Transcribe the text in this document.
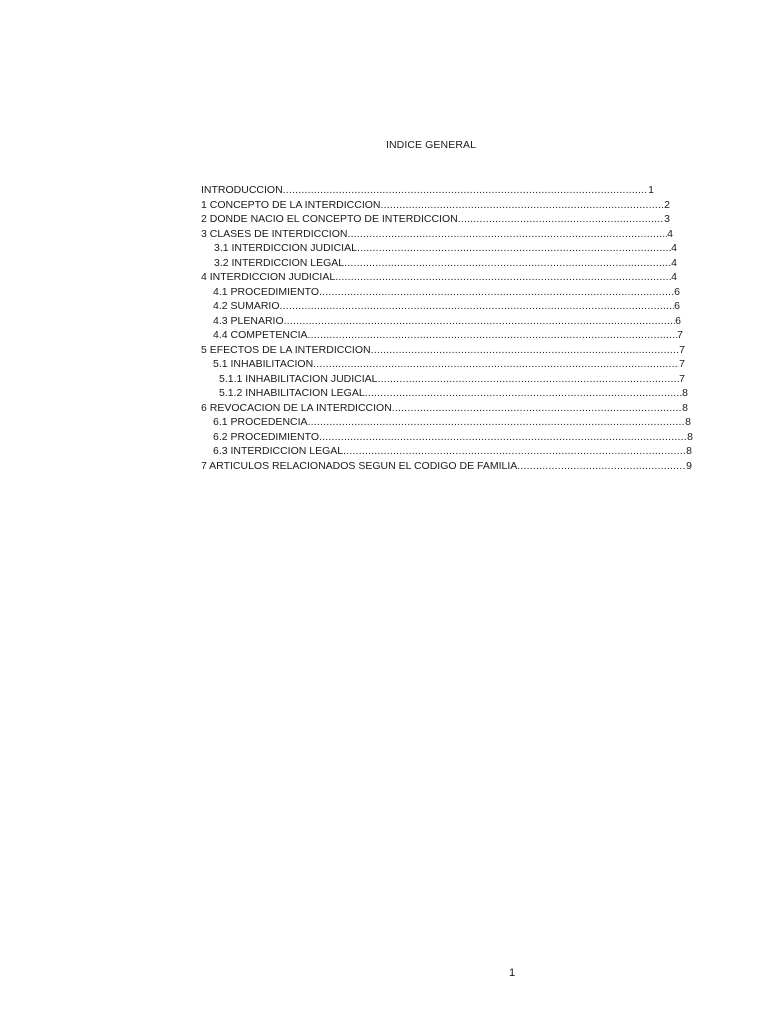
INDICE GENERAL
INTRODUCCION .....	1
1 CONCEPTO DE LA INTERDICCION .....	2
2 DONDE NACIO EL CONCEPTO DE INTERDICCION .....	3
3 CLASES DE INTERDICCION .....	4
3.1 INTERDICCION JUDICIAL .....	4
3.2 INTERDICCION LEGAL .....	4
4 INTERDICCION JUDICIAL .....	4
4.1 PROCEDIMIENTO .....	6
4.2 SUMARIO .....	6
4.3 PLENARIO .....	6
4.4 COMPETENCIA .....	7
5 EFECTOS DE LA INTERDICCION .....	7
5.1 INHABILITACION .....	7
5.1.1 INHABILITACION JUDICIAL .....	7
5.1.2 INHABILITACION LEGAL .....	8
6 REVOCACION DE LA INTERDICCION .....	8
6.1 PROCEDENCIA .....	8
6.2 PROCEDIMIENTO .....	8
6.3 INTERDICCION LEGAL .....	8
7 ARTICULOS RELACIONADOS SEGUN EL CODIGO DE FAMILIA .....	9
1
